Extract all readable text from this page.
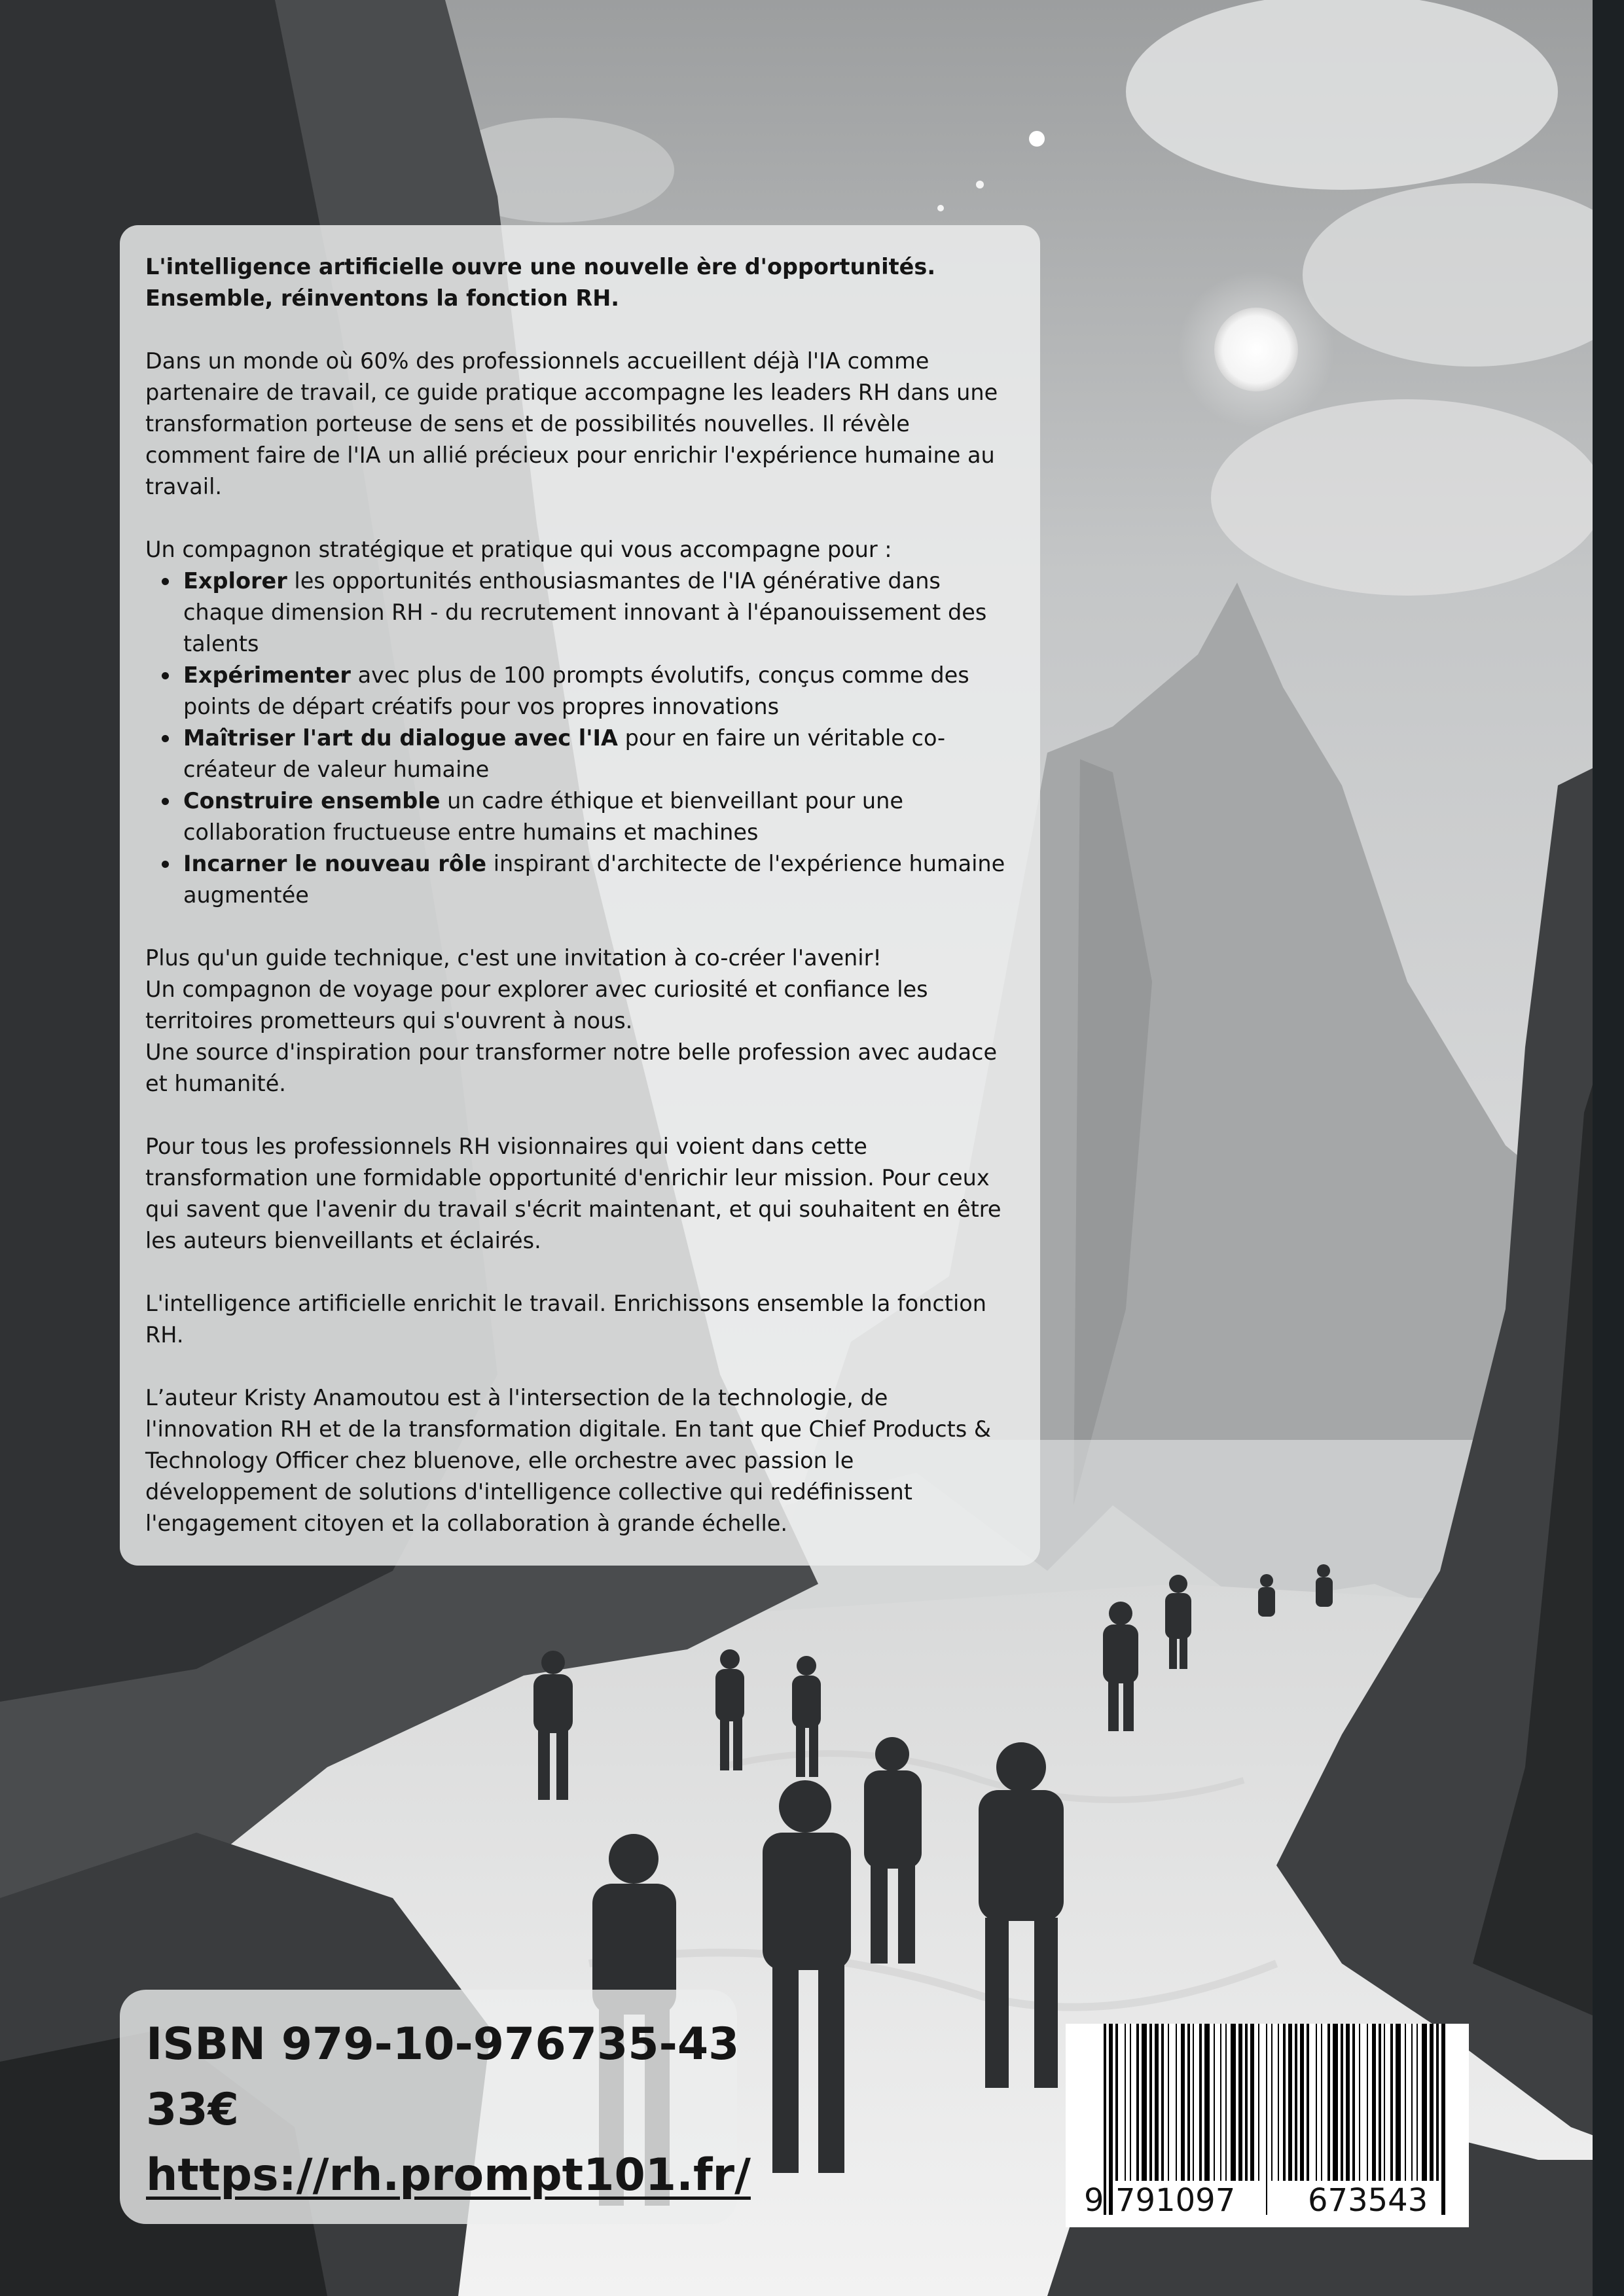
L'intelligence artificielle ouvre une nouvelle ère d'opportunités.
Ensemble, réinventons la fonction RH.

Dans un monde où 60% des professionnels accueillent déjà l'IA comme partenaire de travail, ce guide pratique accompagne les leaders RH dans une transformation porteuse de sens et de possibilités nouvelles. Il révèle comment faire de l'IA un allié précieux pour enrichir l'expérience humaine au travail.

Un compagnon stratégique et pratique qui vous accompagne pour :

Explorer les opportunités enthousiasmantes de l'IA générative dans chaque dimension RH - du recrutement innovant à l'épanouissement des talents
Expérimenter avec plus de 100 prompts évolutifs, conçus comme des points de départ créatifs pour vos propres innovations
Maîtriser l'art du dialogue avec l'IA pour en faire un véritable co-créateur de valeur humaine
Construire ensemble un cadre éthique et bienveillant pour une collaboration fructueuse entre humains et machines
Incarner le nouveau rôle inspirant d'architecte de l'expérience humaine augmentée

Plus qu'un guide technique, c'est une invitation à co-créer l'avenir!
Un compagnon de voyage pour explorer avec curiosité et confiance les territoires prometteurs qui s'ouvrent à nous.
Une source d'inspiration pour transformer notre belle profession avec audace et humanité.

Pour tous les professionnels RH visionnaires qui voient dans cette transformation une formidable opportunité d'enrichir leur mission. Pour ceux qui savent que l'avenir du travail s'écrit maintenant, et qui souhaitent en être les auteurs bienveillants et éclairés.

L'intelligence artificielle enrichit le travail. Enrichissons ensemble la fonction RH.

L’auteur Kristy Anamoutou est à l'intersection de la technologie, de l'innovation RH et de la transformation digitale. En tant que Chief Products & Technology Officer chez bluenove, elle orchestre avec passion le développement de solutions d'intelligence collective qui redéfinissent l'engagement citoyen et la collaboration à grande échelle.

ISBN 979-10-976735-43
33€
https://rh.prompt101.fr/	9 791097 673543
